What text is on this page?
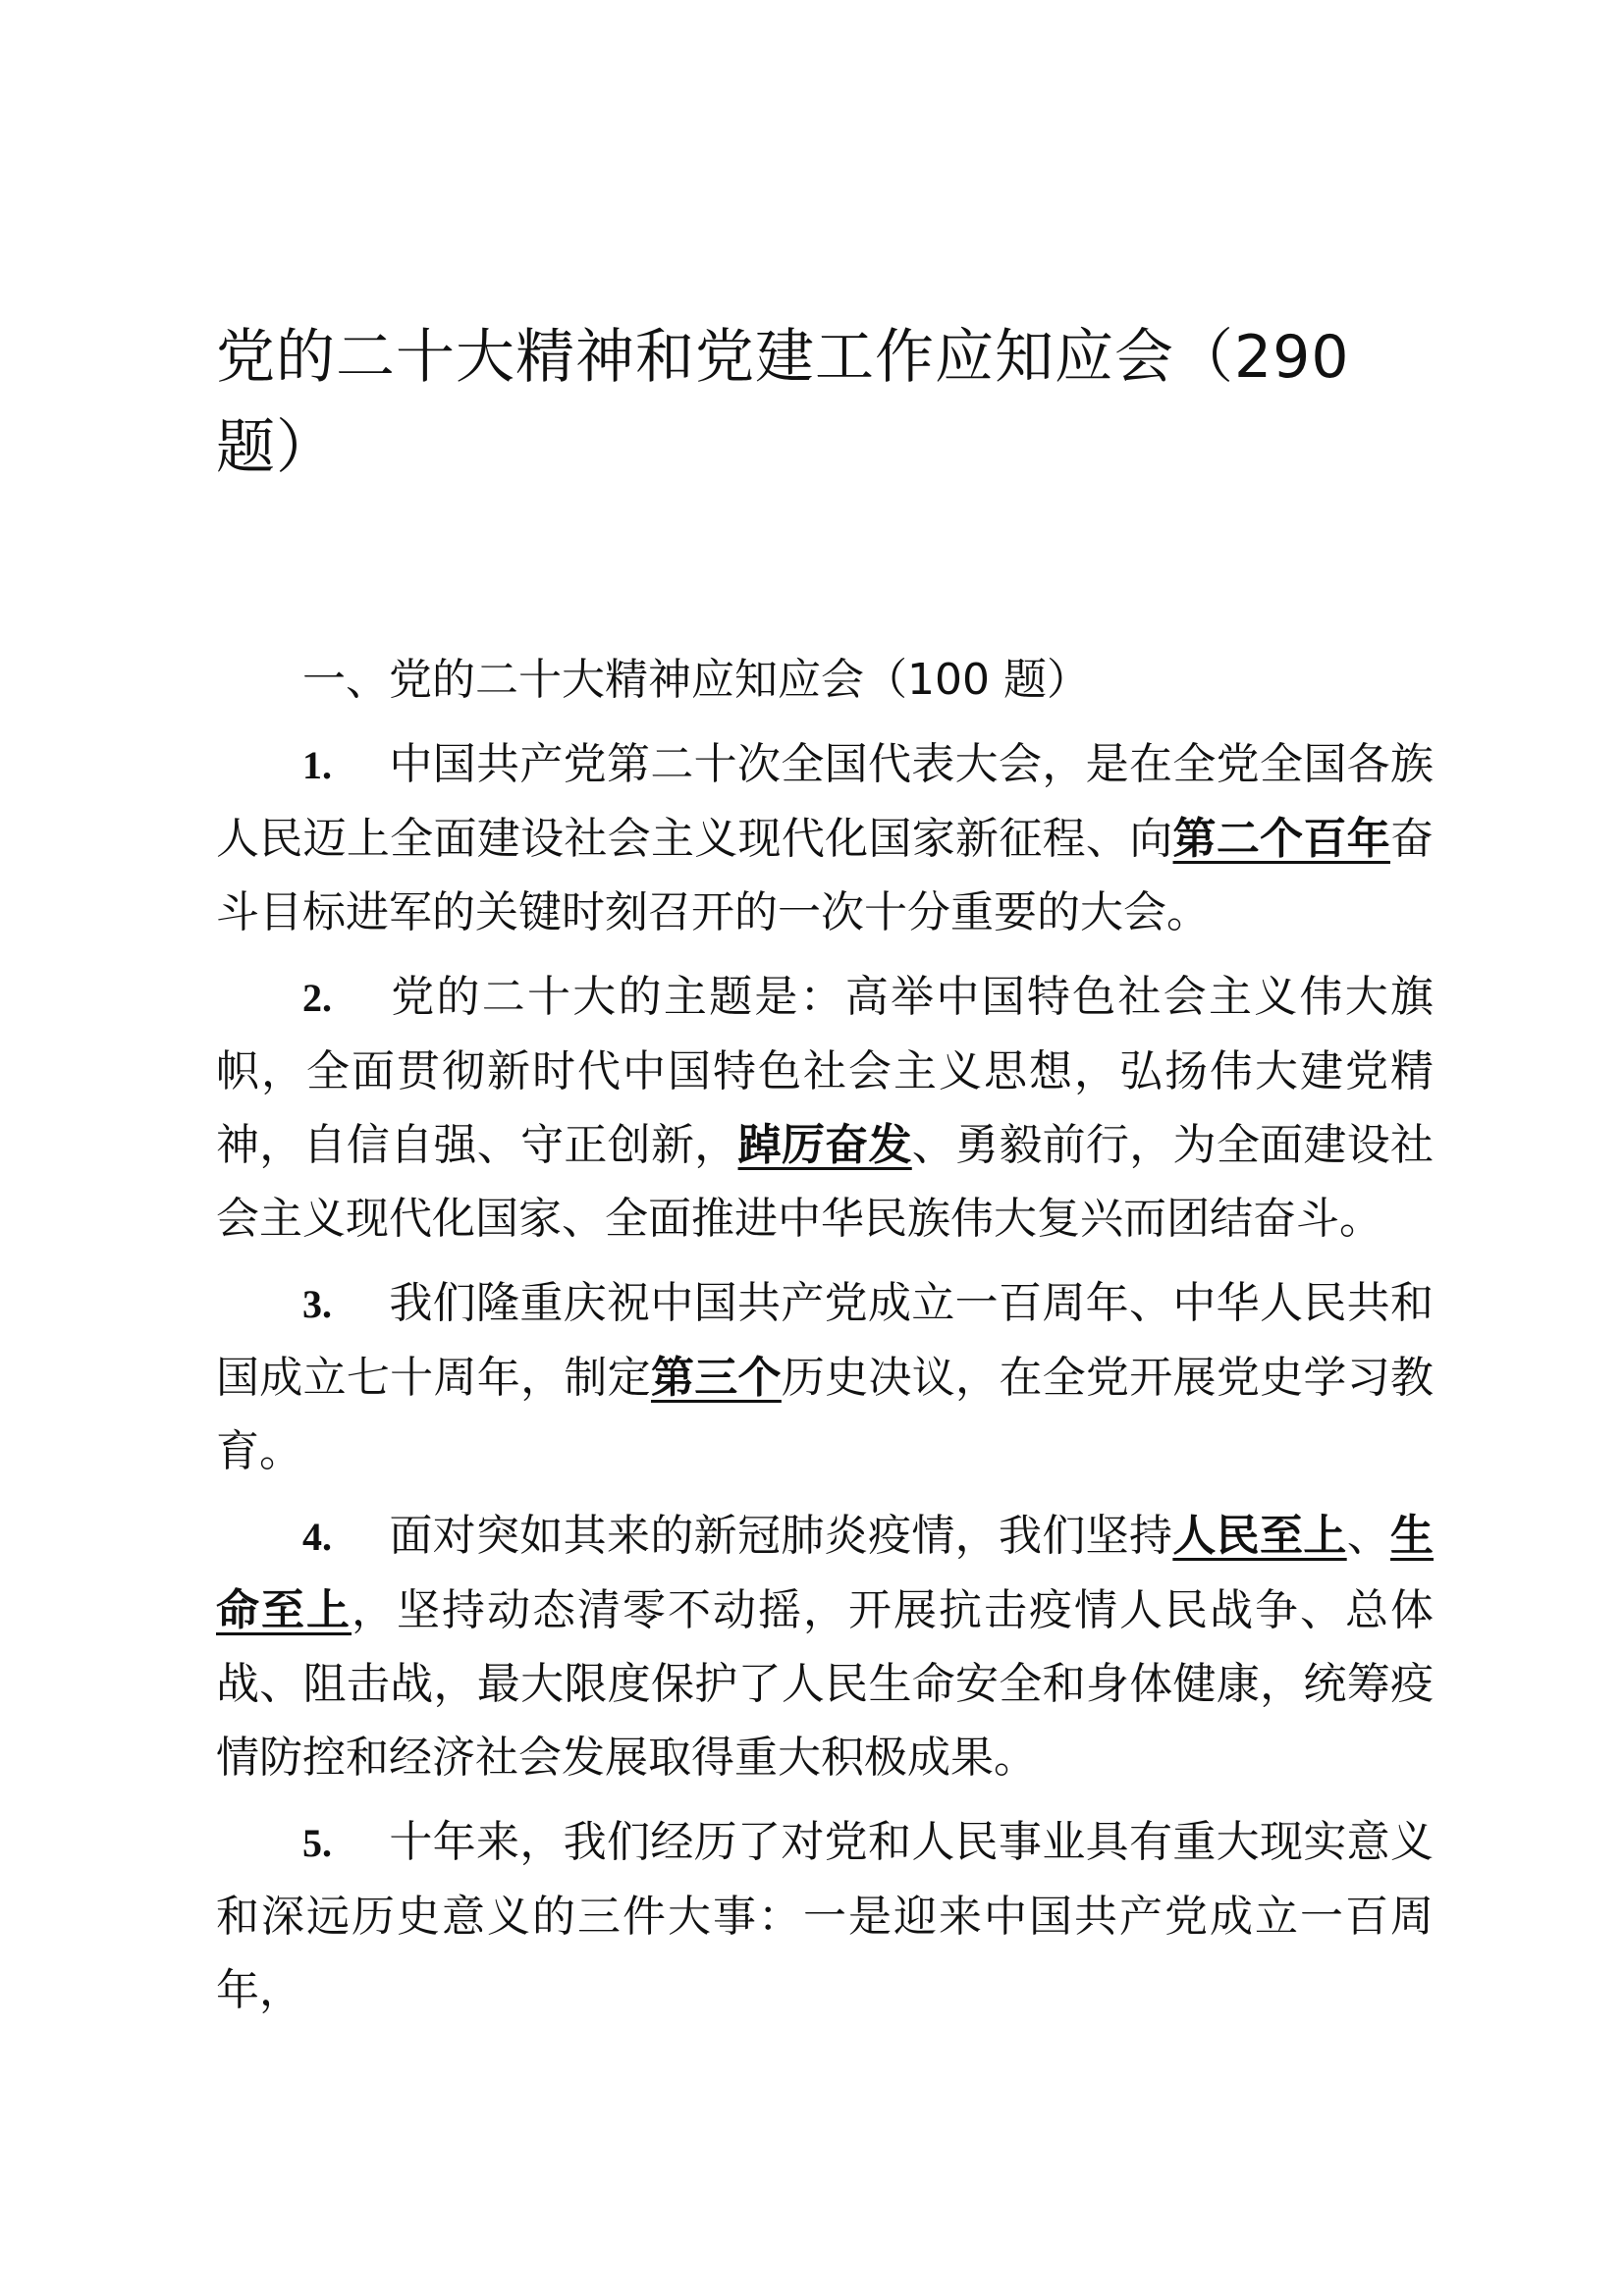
党的二十大精神和党建工作应知应会（290题）

一、党的二十大精神应知应会（100 题）

1. 中国共产党第二十次全国代表大会，是在全党全国各族人民迈上全面建设社会主义现代化国家新征程、向第二个百年奋斗目标进军的关键时刻召开的一次十分重要的大会。

2. 党的二十大的主题是：高举中国特色社会主义伟大旗帜，全面贯彻新时代中国特色社会主义思想，弘扬伟大建党精神，自信自强、守正创新，踔厉奋发、勇毅前行，为全面建设社会主义现代化国家、全面推进中华民族伟大复兴而团结奋斗。

3. 我们隆重庆祝中国共产党成立一百周年、中华人民共和国成立七十周年，制定第三个历史决议，在全党开展党史学习教育。

4. 面对突如其来的新冠肺炎疫情，我们坚持人民至上、生命至上，坚持动态清零不动摇，开展抗击疫情人民战争、总体战、阻击战，最大限度保护了人民生命安全和身体健康，统筹疫情防控和经济社会发展取得重大积极成果。

5. 十年来，我们经历了对党和人民事业具有重大现实意义和深远历史意义的三件大事：一是迎来中国共产党成立一百周年，
